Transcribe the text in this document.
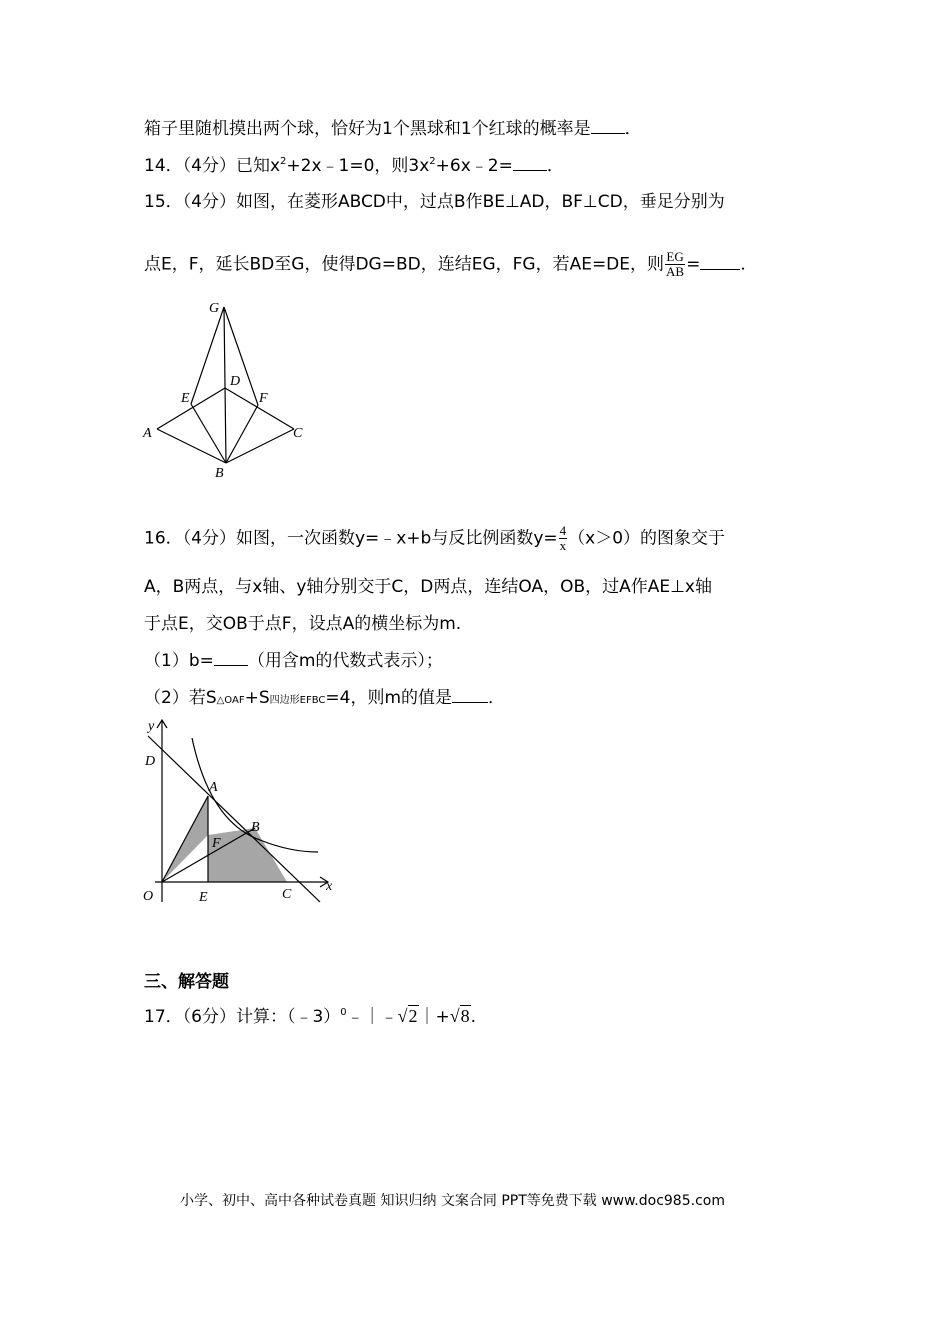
箱子里随机摸出两个球，恰好为1个黑球和1个红球的概率是 ．
14．（4分）已知$x^2+2x﹣1=0$，则$3x^2+6x﹣2=$ ．
15．（4分）如图，在菱形ABCD中，过点B作BE⊥AD，BF⊥CD，垂足分别为
点E，F，延长BD至G，使得DG=BD，连结EG，FG，若AE=DE，则 $\frac{EG}{AB}$ = ．
G
D
E	F
A	C
B
16．（4分）如图，一次函数y=﹣x+b与反比例函数$y= \frac{4}{x} (x>0)$的图象交于
A，B两点，与x轴、y轴分别交于C，D两点，连结OA，OB，过A作AE⊥x轴
于点E，交OB于点F，设点A的横坐标为m.
（1）b= （用含m的代数式表示）；
（2）若S△OAF+S四边形EFBC=4，则m的值是 ．
y
D
A
B
F
O	E	C
x
三、解答题
17．（6分）计算：（﹣3）$^0$﹣｜﹣√2｜+√8.
小学、初中、高中各种试卷真题 知识归纳 文案合同 PPT等免费下载 www.doc985.com
